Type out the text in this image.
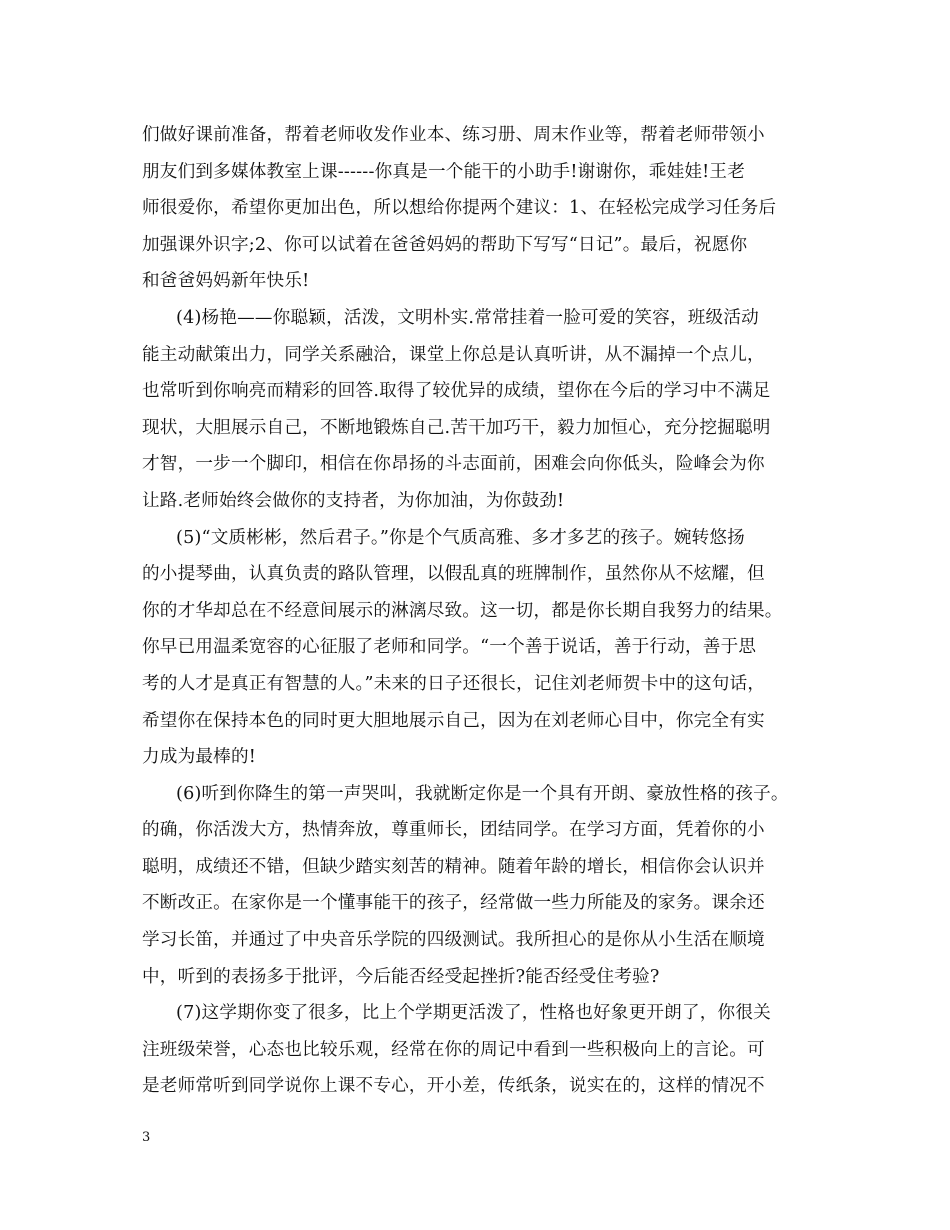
们做好课前准备，帮着老师收发作业本、练习册、周末作业等，帮着老师带领小
朋友们到多媒体教室上课------你真是一个能干的小助手!谢谢你，乖娃娃!王老
师很爱你，希望你更加出色，所以想给你提两个建议：1、在轻松完成学习任务后
加强课外识字;2、你可以试着在爸爸妈妈的帮助下写写“日记”。最后，祝愿你
和爸爸妈妈新年快乐!
(4)杨艳——你聪颖，活泼，文明朴实.常常挂着一脸可爱的笑容，班级活动
能主动献策出力，同学关系融洽，课堂上你总是认真听讲，从不漏掉一个点儿，
也常听到你响亮而精彩的回答.取得了较优异的成绩，望你在今后的学习中不满足
现状，大胆展示自己，不断地锻炼自己.苦干加巧干，毅力加恒心，充分挖掘聪明
才智，一步一个脚印，相信在你昂扬的斗志面前，困难会向你低头，险峰会为你
让路.老师始终会做你的支持者，为你加油，为你鼓劲!
(5)“文质彬彬，然后君子。”你是个气质高雅、多才多艺的孩子。婉转悠扬
的小提琴曲，认真负责的路队管理，以假乱真的班牌制作，虽然你从不炫耀，但
你的才华却总在不经意间展示的淋漓尽致。这一切，都是你长期自我努力的结果。
你早已用温柔宽容的心征服了老师和同学。“一个善于说话，善于行动，善于思
考的人才是真正有智慧的人。”未来的日子还很长，记住刘老师贺卡中的这句话，
希望你在保持本色的同时更大胆地展示自己，因为在刘老师心目中，你完全有实
力成为最棒的!
(6)听到你降生的第一声哭叫，我就断定你是一个具有开朗、豪放性格的孩子。
的确，你活泼大方，热情奔放，尊重师长，团结同学。在学习方面，凭着你的小
聪明，成绩还不错，但缺少踏实刻苦的精神。随着年龄的增长，相信你会认识并
不断改正。在家你是一个懂事能干的孩子，经常做一些力所能及的家务。课余还
学习长笛，并通过了中央音乐学院的四级测试。我所担心的是你从小生活在顺境
中，听到的表扬多于批评，今后能否经受起挫折?能否经受住考验?
(7)这学期你变了很多，比上个学期更活泼了，性格也好象更开朗了，你很关
注班级荣誉，心态也比较乐观，经常在你的周记中看到一些积极向上的言论。可
是老师常听到同学说你上课不专心，开小差，传纸条，说实在的，这样的情况不
3
